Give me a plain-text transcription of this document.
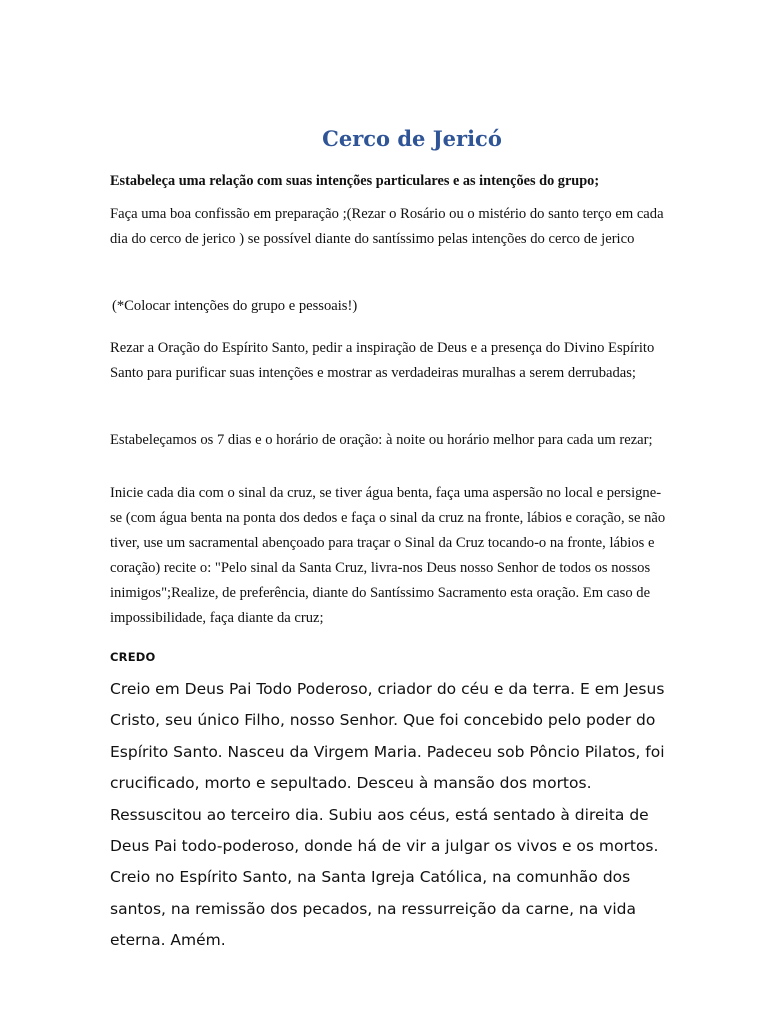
Cerco de Jericó

Estabeleça uma relação com suas intenções particulares e as intenções do grupo;

Faça uma boa confissão em preparação ;(Rezar o Rosário ou o mistério do santo terço em cada dia do cerco de jerico ) se possível diante do santíssimo pelas intenções do cerco de jerico

(*Colocar intenções do grupo e pessoais!)

Rezar a Oração do Espírito Santo, pedir a inspiração de Deus e a presença do Divino Espírito Santo para purificar suas intenções e mostrar as verdadeiras muralhas a serem derrubadas;

Estabeleçamos os 7 dias e o horário de oração: à noite ou horário melhor para cada um rezar;

Inicie cada dia com o sinal da cruz, se tiver água benta, faça uma aspersão no local e persigne-se (com água benta na ponta dos dedos e faça o sinal da cruz na fronte, lábios e coração, se não tiver, use um sacramental abençoado para traçar o Sinal da Cruz tocando-o na fronte, lábios e coração) recite o: "Pelo sinal da Santa Cruz, livra-nos Deus nosso Senhor de todos os nossos inimigos";Realize, de preferência, diante do Santíssimo Sacramento esta oração. Em caso de impossibilidade, faça diante da cruz;

CREDO

Creio em Deus Pai Todo Poderoso, criador do céu e da terra. E em Jesus Cristo, seu único Filho, nosso Senhor. Que foi concebido pelo poder do Espírito Santo. Nasceu da Virgem Maria. Padeceu sob Pôncio Pilatos, foi crucificado, morto e sepultado. Desceu à mansão dos mortos. Ressuscitou ao terceiro dia. Subiu aos céus, está sentado à direita de Deus Pai todo-poderoso, donde há de vir a julgar os vivos e os mortos. Creio no Espírito Santo, na Santa Igreja Católica, na comunhão dos santos, na remissão dos pecados, na ressurreição da carne, na vida eterna. Amém.
